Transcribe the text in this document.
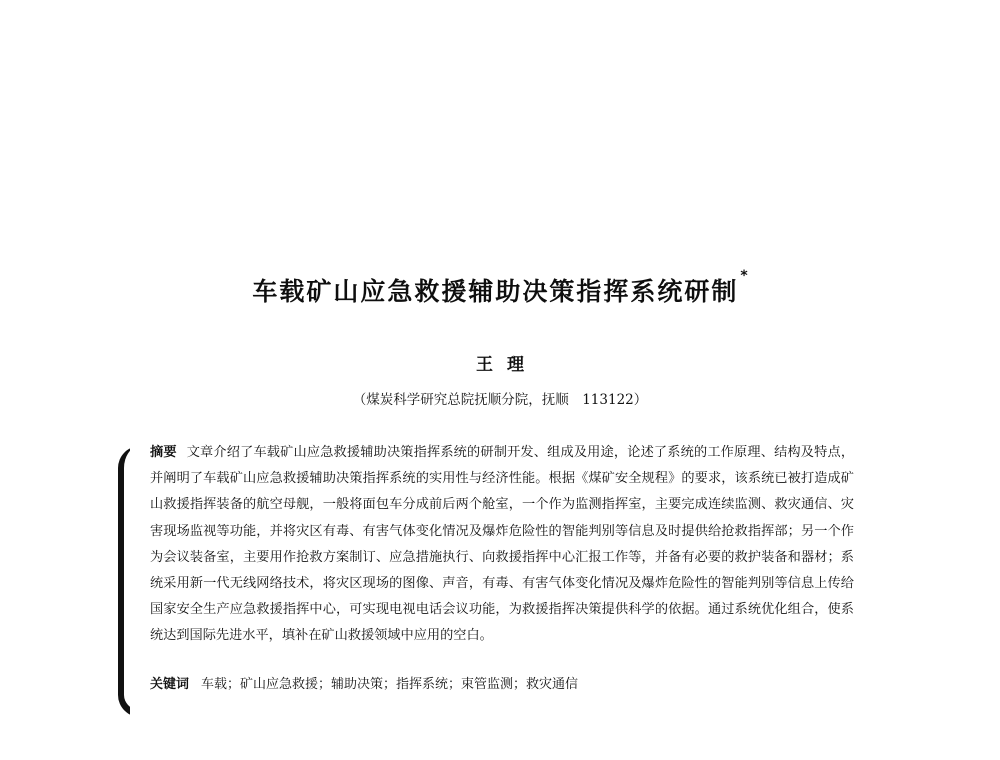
车载矿山应急救援辅助决策指挥系统研制*
王理
（煤炭科学研究总院抚顺分院，抚顺　113122）
摘要 文章介绍了车载矿山应急救援辅助决策指挥系统的研制开发、组成及用途，论述了系统的工作原理、结构及特点，并阐明了车载矿山应急救援辅助决策指挥系统的实用性与经济性能。根据《煤矿安全规程》的要求，该系统已被打造成矿山救援指挥装备的航空母舰，一般将面包车分成前后两个舱室，一个作为监测指挥室，主要完成连续监测、救灾通信、灾害现场监视等功能，并将灾区有毒、有害气体变化情况及爆炸危险性的智能判别等信息及时提供给抢救指挥部；另一个作为会议装备室，主要用作抢救方案制订、应急措施执行、向救援指挥中心汇报工作等，并备有必要的救护装备和器材；系统采用新一代无线网络技术，将灾区现场的图像、声音，有毒、有害气体变化情况及爆炸危险性的智能判别等信息上传给国家安全生产应急救援指挥中心，可实现电视电话会议功能，为救援指挥决策提供科学的依据。通过系统优化组合，使系统达到国际先进水平，填补在矿山救援领域中应用的空白。
关键词 车载；矿山应急救援；辅助决策；指挥系统；束管监测；救灾通信
